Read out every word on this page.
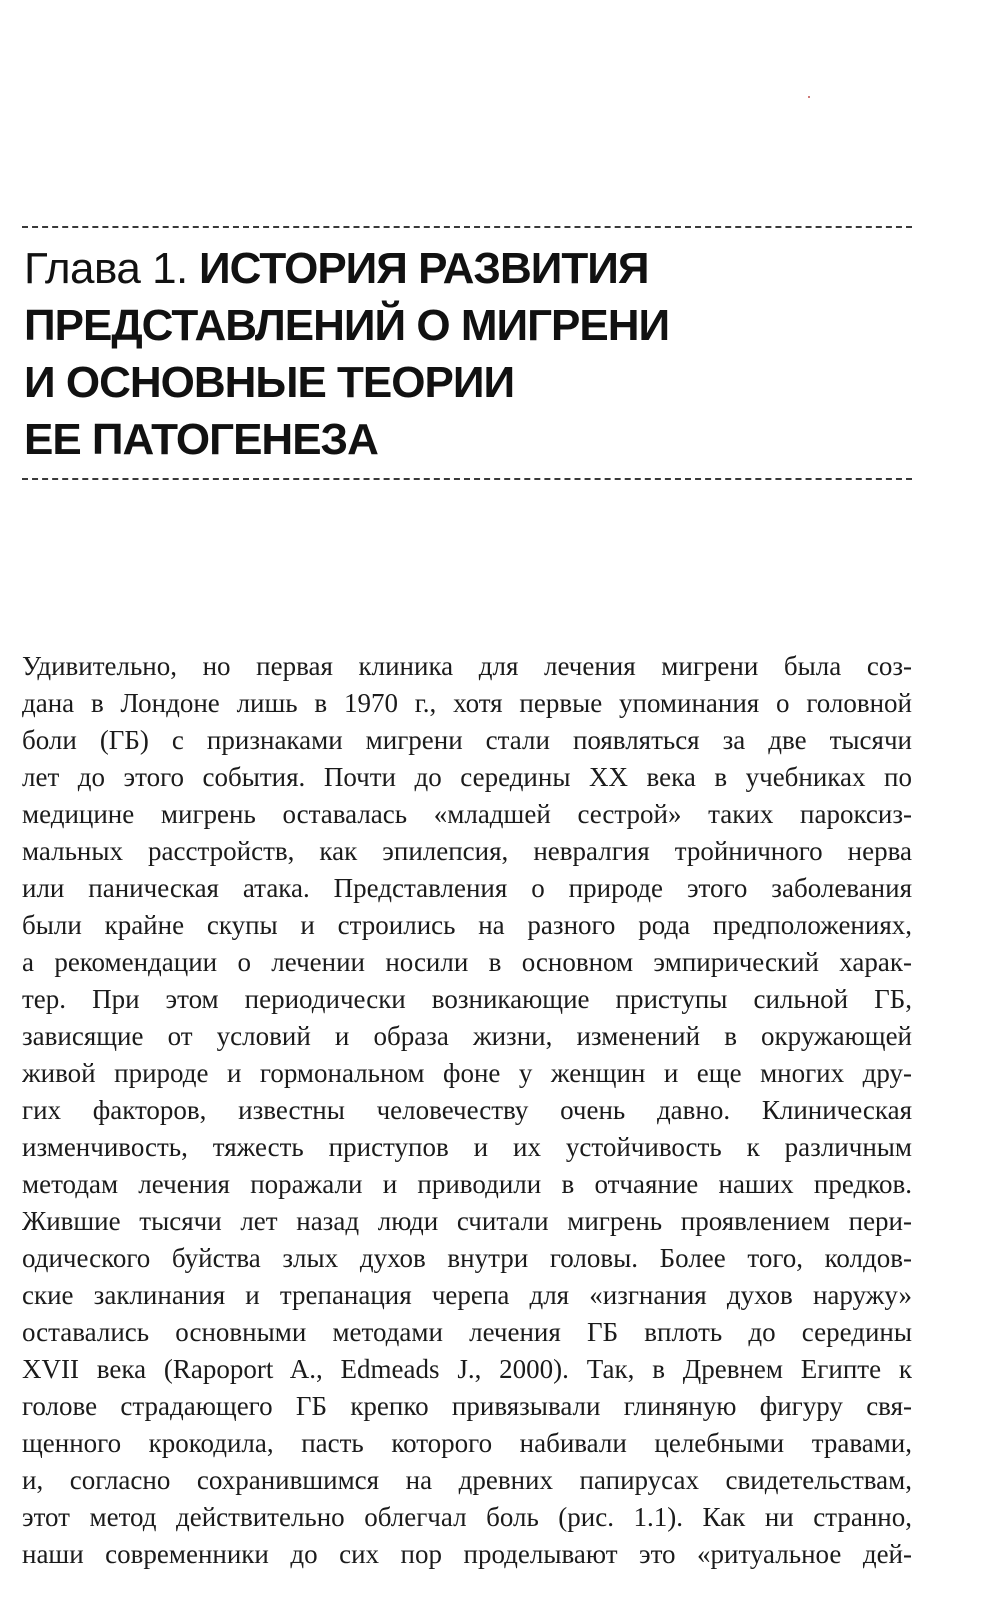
Глава 1. ИСТОРИЯ РАЗВИТИЯ
ПРЕДСТАВЛЕНИЙ О МИГРЕНИ
И ОСНОВНЫЕ ТЕОРИИ
ЕЕ ПАТОГЕНЕЗА
Удивительно, но первая клиника для лечения мигрени была соз-
дана в Лондоне лишь в 1970 г., хотя первые упоминания о головной
боли (ГБ) с признаками мигрени стали появляться за две тысячи
лет до этого события. Почти до середины XX века в учебниках по
медицине мигрень оставалась «младшей сестрой» таких пароксиз-
мальных расстройств, как эпилепсия, невралгия тройничного нерва
или паническая атака. Представления о природе этого заболевания
были крайне скупы и строились на разного рода предположениях,
а рекомендации о лечении носили в основном эмпирический харак-
тер. При этом периодически возникающие приступы сильной ГБ,
зависящие от условий и образа жизни, изменений в окружающей
живой природе и гормональном фоне у женщин и еще многих дру-
гих факторов, известны человечеству очень давно. Клиническая
изменчивость, тяжесть приступов и их устойчивость к различным
методам лечения поражали и приводили в отчаяние наших предков.
Жившие тысячи лет назад люди считали мигрень проявлением пери-
одического буйства злых духов внутри головы. Более того, колдов-
ские заклинания и трепанация черепа для «изгнания духов наружу»
оставались основными методами лечения ГБ вплоть до середины
XVII века (Rapoport A., Edmeads J., 2000). Так, в Древнем Египте к
голове страдающего ГБ крепко привязывали глиняную фигуру свя-
щенного крокодила, пасть которого набивали целебными травами,
и, согласно сохранившимся на древних папирусах свидетельствам,
этот метод действительно облегчал боль (рис. 1.1). Как ни странно,
наши современники до сих пор проделывают это «ритуальное дей-
